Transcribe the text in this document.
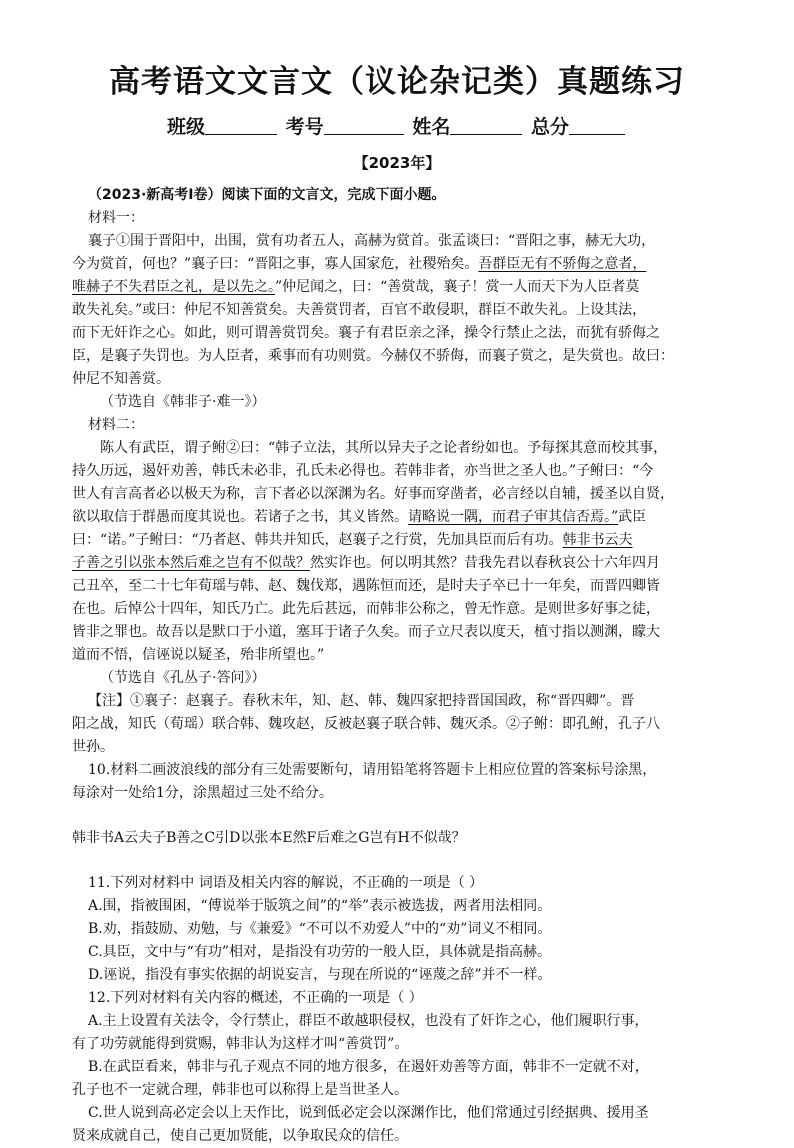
高考语文文言文（议论杂记类）真题练习
班级	考号	姓名	总分
【2023年】
（2023·新高考Ⅰ卷）阅读下面的文言文，完成下面小题。
材料一：
襄子①围于晋阳中，出围，赏有功者五人，高赫为赏首。张孟谈曰：“晋阳之事，赫无大功，
今为赏首，何也？”襄子曰：“晋阳之事，寡人国家危，社稷殆矣。吾群臣无有不骄侮之意者，
唯赫子不失君臣之礼，是以先之。”仲尼闻之，曰：“善赏哉，襄子！赏一人而天下为人臣者莫
敢失礼矣。”或曰：仲尼不知善赏矣。夫善赏罚者，百官不敢侵职，群臣不敢失礼。上设其法，
而下无奸诈之心。如此，则可谓善赏罚矣。襄子有君臣亲之泽，操令行禁止之法，而犹有骄侮之
臣，是襄子失罚也。为人臣者，乘事而有功则赏。今赫仅不骄侮，而襄子赏之，是失赏也。故曰：
仲尼不知善赏。
（节选自《韩非子·难一》）
材料二：
陈人有武臣，谓子鲋②曰：“韩子立法，其所以异夫子之论者纷如也。予每探其意而校其事，
持久历远，遏奸劝善，韩氏未必非，孔氏未必得也。若韩非者，亦当世之圣人也。”子鲋曰：“今
世人有言高者必以极天为称，言下者必以深渊为名。好事而穿凿者，必言经以自辅，援圣以自贤，
欲以取信于群愚而度其说也。若诸子之书，其义皆然。请略说一隅，而君子审其信否焉。”武臣
曰：“诺。”子鲋曰：“乃者赵、韩共并知氏，赵襄子之行赏，先加具臣而后有功。韩非书云夫
子善之引以张本然后难之岂有不似哉？然实诈也。何以明其然？昔我先君以春秋哀公十六年四月
己丑卒，至二十七年荀瑶与韩、赵、魏伐郑，遇陈恒而还，是时夫子卒已十一年矣，而晋四卿皆
在也。后悼公十四年，知氏乃亡。此先后甚远，而韩非公称之，曾无怍意。是则世多好事之徒，
皆非之罪也。故吾以是默口于小道，塞耳于诸子久矣。而子立尺表以度天，植寸指以测渊，矇大
道而不悟，信诬说以疑圣，殆非所望也。”
（节选自《孔丛子·答问》）
【注】①襄子：赵襄子。春秋末年，知、赵、韩、魏四家把持晋国国政，称“晋四卿”。晋
阳之战，知氏（荀瑶）联合韩、魏攻赵，反被赵襄子联合韩、魏灭杀。②子鲋：即孔鲋，孔子八
世孙。
10.材料二画波浪线的部分有三处需要断句，请用铅笔将答题卡上相应位置的答案标号涂黑，
每涂对一处给1分，涂黑超过三处不给分。
韩非书A云夫子B善之C引D以张本E然F后难之G岂有H不似哉？
11.下列对材料中 词语及相关内容的解说，不正确的一项是（ ）
A.围，指被围困，“傅说举于版筑之间”的“举”表示被选拔，两者用法相同。
B.劝，指鼓励、劝勉，与《兼爱》“不可以不劝爱人”中的“劝”词义不相同。
C.具臣，文中与“有功”相对，是指没有功劳的一般人臣，具体就是指高赫。
D.诬说，指没有事实依据的胡说妄言，与现在所说的“诬蔑之辞”并不一样。
12.下列对材料有关内容的概述，不正确的一项是（ ）
A.主上设置有关法令，令行禁止，群臣不敢越职侵权，也没有了奸诈之心，他们履职行事，
有了功劳就能得到赏赐，韩非认为这样才叫“善赏罚”。
B.在武臣看来，韩非与孔子观点不同的地方很多，在遏奸劝善等方面，韩非不一定就不对，
孔子也不一定就合理，韩非也可以称得上是当世圣人。
C.世人说到高必定会以上天作比，说到低必定会以深渊作比，他们常通过引经据典、援用圣
贤来成就自己，使自己更加贤能，以争取民众的信任。
